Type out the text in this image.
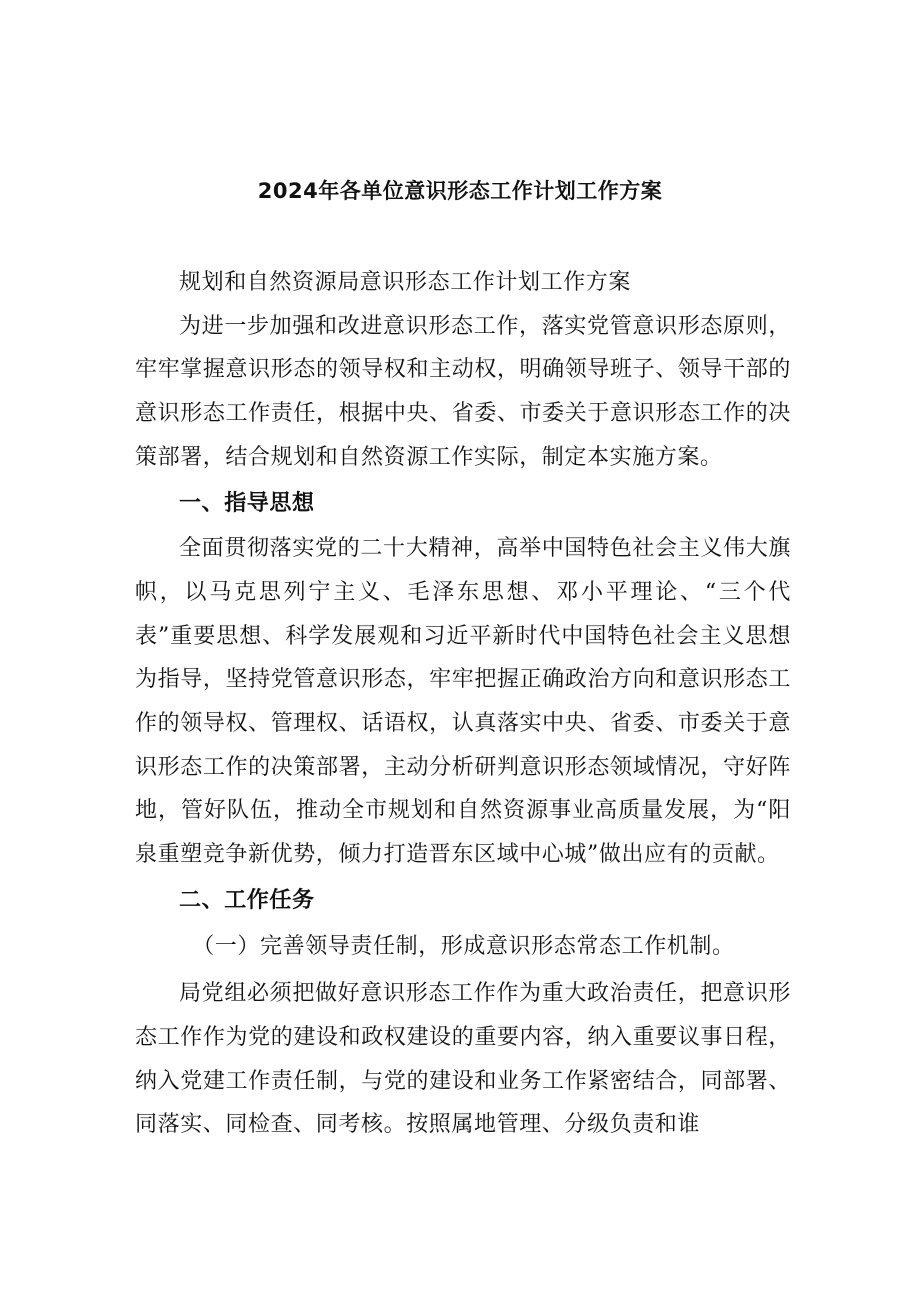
2024年各单位意识形态工作计划工作方案

规划和自然资源局意识形态工作计划工作方案

为进一步加强和改进意识形态工作，落实党管意识形态原则，牢牢掌握意识形态的领导权和主动权，明确领导班子、领导干部的意识形态工作责任，根据中央、省委、市委关于意识形态工作的决策部署，结合规划和自然资源工作实际，制定本实施方案。

一、指导思想

全面贯彻落实党的二十大精神，高举中国特色社会主义伟大旗帜，以马克思列宁主义、毛泽东思想、邓小平理论、“三个代表”重要思想、科学发展观和习近平新时代中国特色社会主义思想为指导，坚持党管意识形态，牢牢把握正确政治方向和意识形态工作的领导权、管理权、话语权，认真落实中央、省委、市委关于意识形态工作的决策部署，主动分析研判意识形态领域情况，守好阵地，管好队伍，推动全市规划和自然资源事业高质量发展，为“阳泉重塑竞争新优势，倾力打造晋东区域中心城”做出应有的贡献。

二、工作任务

（一）完善领导责任制，形成意识形态常态工作机制。

局党组必须把做好意识形态工作作为重大政治责任，把意识形态工作作为党的建设和政权建设的重要内容，纳入重要议事日程，纳入党建工作责任制，与党的建设和业务工作紧密结合，同部署、同落实、同检查、同考核。按照属地管理、分级负责和谁
